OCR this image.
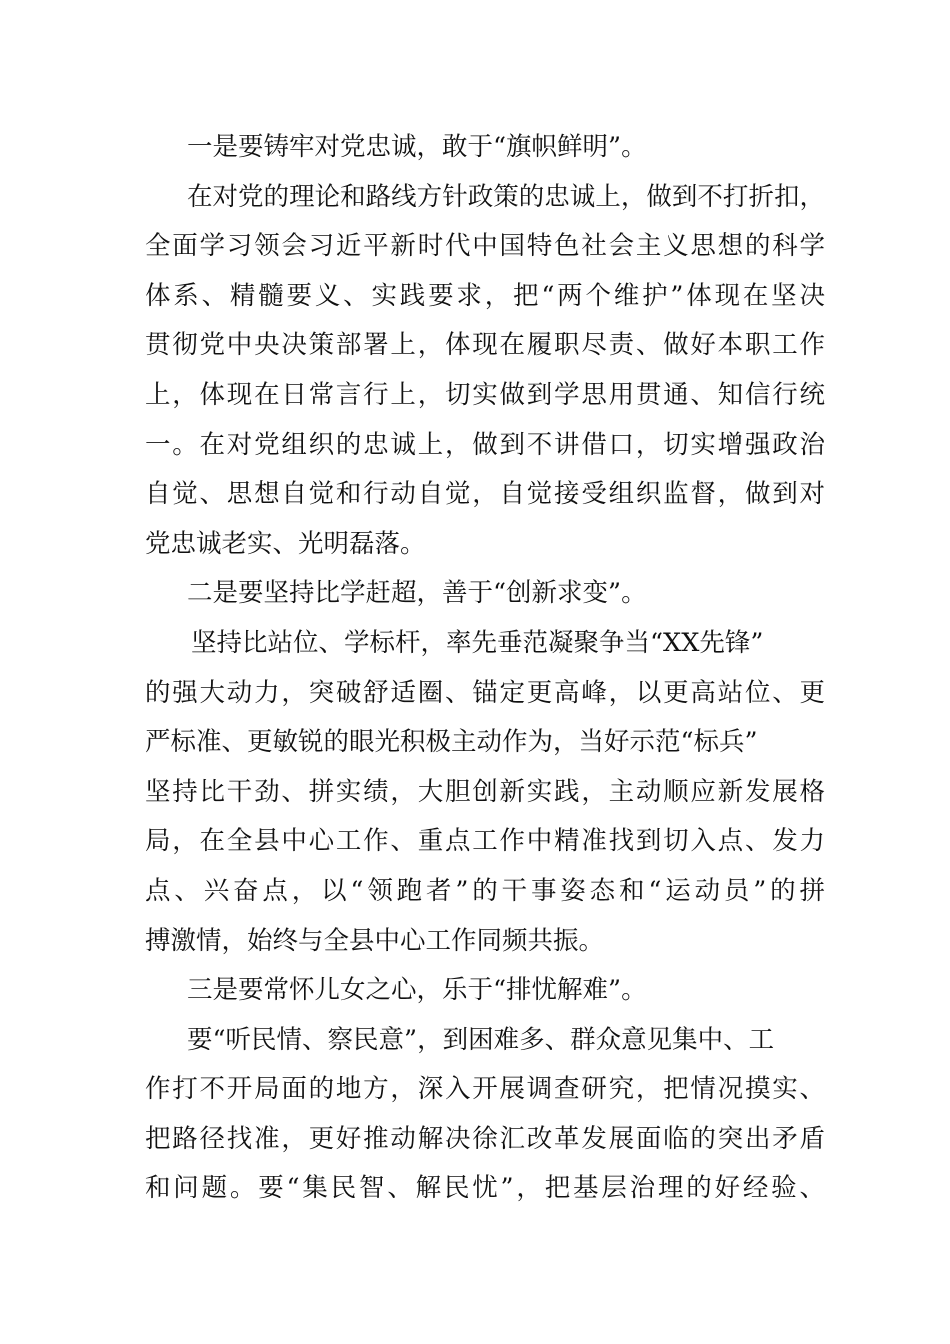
一是要铸牢对党忠诚，敢于“旗帜鲜明”。
在对党的理论和路线方针政策的忠诚上，做到不打折扣，
全面学习领会习近平新时代中国特色社会主义思想的科学
体系、精髓要义、实践要求，把“两个维护”体现在坚决
贯彻党中央决策部署上，体现在履职尽责、做好本职工作
上，体现在日常言行上，切实做到学思用贯通、知信行统
一。在对党组织的忠诚上，做到不讲借口，切实增强政治
自觉、思想自觉和行动自觉，自觉接受组织监督，做到对
党忠诚老实、光明磊落。
二是要坚持比学赶超，善于“创新求变”。
坚持比站位、学标杆，率先垂范凝聚争当“XX先锋”
的强大动力，突破舒适圈、锚定更高峰，以更高站位、更
严标准、更敏锐的眼光积极主动作为，当好示范“标兵”
坚持比干劲、拼实绩，大胆创新实践，主动顺应新发展格
局，在全县中心工作、重点工作中精准找到切入点、发力
点、兴奋点，以“领跑者”的干事姿态和“运动员”的拼
搏激情，始终与全县中心工作同频共振。
三是要常怀儿女之心，乐于“排忧解难”。
要“听民情、察民意”，到困难多、群众意见集中、工
作打不开局面的地方，深入开展调查研究，把情况摸实、
把路径找准，更好推动解决徐汇改革发展面临的突出矛盾
和问题。要“集民智、解民忧”，把基层治理的好经验、
